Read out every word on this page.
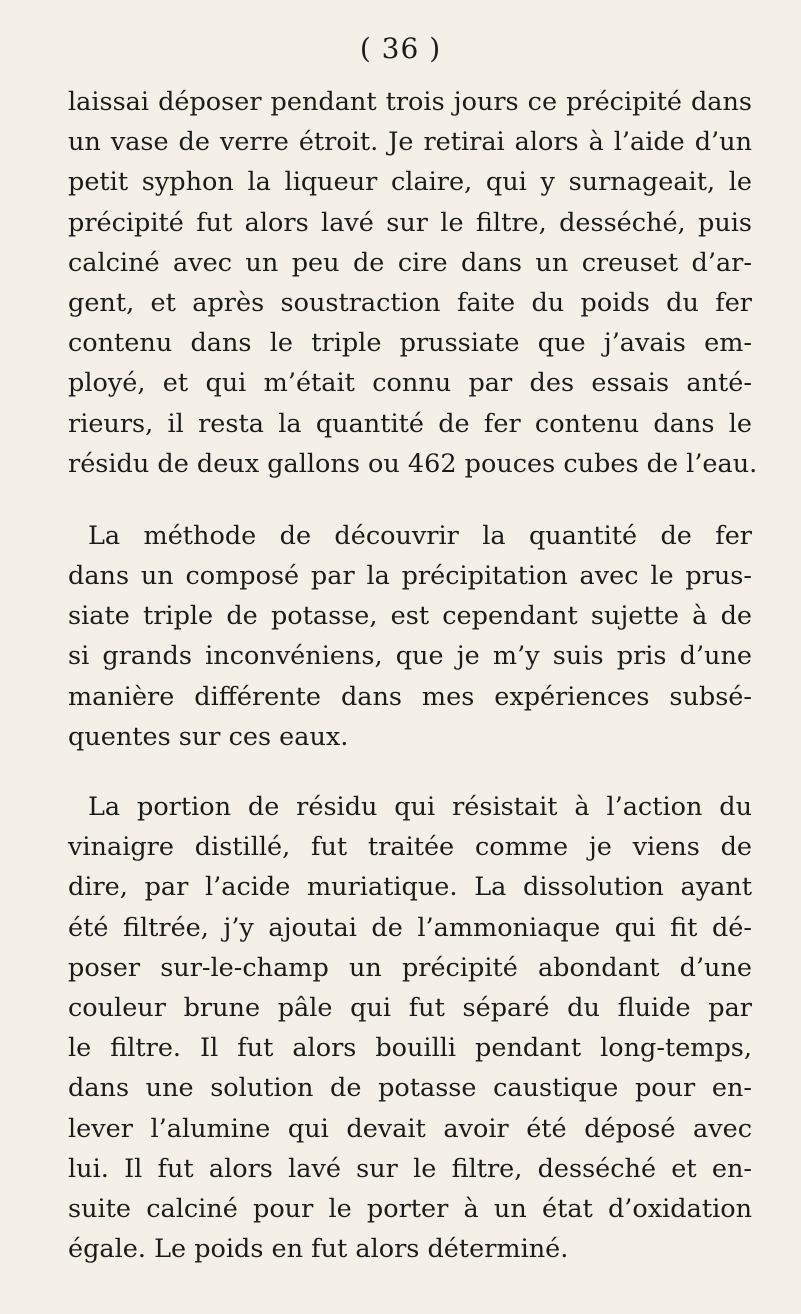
( 36 )
laissai déposer pendant trois jours ce précipité dans
un vase de verre étroit. Je retirai alors à l’aide d’un
petit syphon la liqueur claire, qui y surnageait, le
précipité fut alors lavé sur le filtre, desséché, puis
calciné avec un peu de cire dans un creuset d’ar-
gent, et après soustraction faite du poids du fer
contenu dans le triple prussiate que j’avais em-
ployé, et qui m’était connu par des essais anté-
rieurs, il resta la quantité de fer contenu dans le
résidu de deux gallons ou 462 pouces cubes de l’eau.
La méthode de découvrir la quantité de fer
dans un composé par la précipitation avec le prus-
siate triple de potasse, est cependant sujette à de
si grands inconvéniens, que je m’y suis pris d’une
manière différente dans mes expériences subsé-
quentes sur ces eaux.
La portion de résidu qui résistait à l’action du
vinaigre distillé, fut traitée comme je viens de
dire, par l’acide muriatique. La dissolution ayant
été filtrée, j’y ajoutai de l’ammoniaque qui fit dé-
poser sur-le-champ un précipité abondant d’une
couleur brune pâle qui fut séparé du fluide par
le filtre. Il fut alors bouilli pendant long-temps,
dans une solution de potasse caustique pour en-
lever l’alumine qui devait avoir été déposé avec
lui. Il fut alors lavé sur le filtre, desséché et en-
suite calciné pour le porter à un état d’oxidation
égale. Le poids en fut alors déterminé.
